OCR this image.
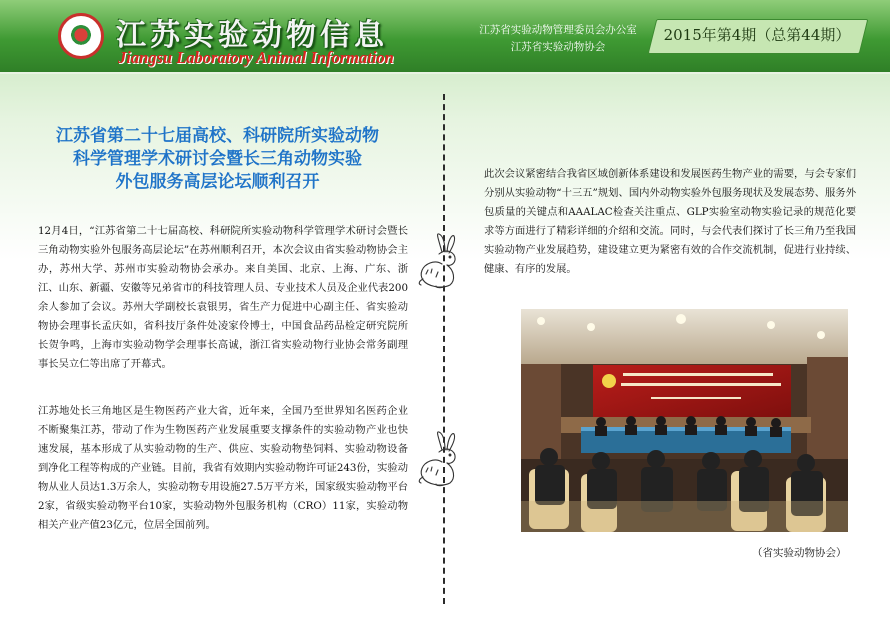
江苏实验动物信息
Jiangsu Laboratory Animal Information
江苏省实验动物管理委员会办公室
江苏省实验动物协会
2015年第4期（总第44期）
江苏省第二十七届高校、科研院所实验动物
科学管理学术研讨会暨长三角动物实验
外包服务高层论坛顺利召开

12月4日，“江苏省第二十七届高校、科研院所实验动物科学管理学术研讨会暨长三角动物实验外包服务高层论坛”在苏州顺利召开，本次会议由省实验动物协会主办，苏州大学、苏州市实验动物协会承办。来自美国、北京、上海、广东、浙江、山东、新疆、安徽等兄弟省市的科技管理人员、专业技术人员及企业代表200余人参加了会议。苏州大学副校长袁银男，省生产力促进中心副主任、省实验动物协会理事长孟庆如，省科技厅条件处凌家伶博士，中国食品药品检定研究院所长贺争鸣，上海市实验动物学会理事长高诚，浙江省实验动物行业协会常务副理事长吴立仁等出席了开幕式。

江苏地处长三角地区是生物医药产业大省，近年来，全国乃至世界知名医药企业不断聚集江苏，带动了作为生物医药产业发展重要支撑条件的实验动物产业也快速发展，基本形成了从实验动物的生产、供应、实验动物垫饲料、实验动物设备到净化工程等构成的产业链。目前，我省有效期内实验动物许可证243份，实验动物从业人员达1.3万余人，实验动物专用设施27.5万平方米，国家级实验动物平台2家，省级实验动物平台10家，实验动物外包服务机构（CRO）11家，实验动物相关产业产值23亿元，位居全国前列。

此次会议紧密结合我省区域创新体系建设和发展医药生物产业的需要，与会专家们分别从实验动物“十三五”规划、国内外动物实验外包服务现状及发展态势、服务外包质量的关键点和AAALAC检查关注重点、GLP实验室动物实验记录的规范化要求等方面进行了精彩详细的介绍和交流。同时，与会代表们探讨了长三角乃至我国实验动物产业发展趋势，建设建立更为紧密有效的合作交流机制，促进行业持续、健康、有序的发展。

（省实验动物协会）
